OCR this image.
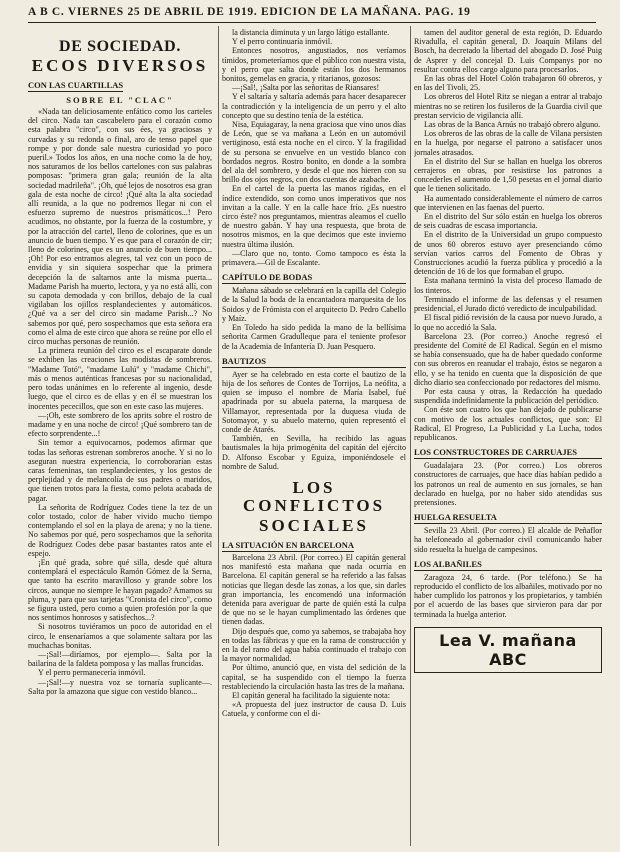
A B C. VIERNES 25 DE ABRIL DE 1919. EDICION DE LA MAÑANA. PAG. 19
DE SOCIEDAD.
ECOS DIVERSOS
CON LAS CUARTILLAS
SOBRE EL "CLAC"

«Nada tan deliciosamente enfático como los carteles del circo. Nada tan cascabelero para el corazón como esta palabra "circo", con sus ées, ya graciosas y curvadas y su redonda o final, aro de tenso papel que rompe y por donde sale nuestra curiosidad yo poco pueril.» Todos los años, en una noche como la de hoy, nos saturamos de los bellos cartelones con sus palabras pomposas: "primera gran gala; reunión de la alta sociedad madrileña". ¡Oh, qué lejos de nosotros esa gran gala de esta noche de circo! ¡Qué alta la alta sociedad allí reunida, a la que no podremos llegar ni con el esfuerzo supremo de nuestros prismáticos...! Pero acudimos, no obstante, por la fuerza de la costumbre, y por la atracción del cartel, lleno de colorines, que es un anuncio de buen tiempo. Y es que para el corazón de cir; lleno de colorines, que es un anuncio de buen tiempo... ¡Oh! Por eso entramos alegres, tal vez con un poco de envidia y sin siquiera sospechar que la primera decepción la de saltarnos ante la misma puerta... Madame Parish ha muerto, lectora, y ya no está allí, con su capota demodada y con brillos, debajo de la cual vigilaban los ojillos resplandecientes y automáticos. ¿Qué va a ser del circo sin madame Parish...? No sabemos por qué, pero sospechamos que esta señora era como el alma de este circo que ahora se reúne por ello el circo muchas personas de reunión.

La primera reunión del circo es el escaparate donde se exhiben las creaciones las modistas de sombreros. "Madame Totó", "madame Lulú" y "madame Chichi", más o menos auténticas francesas por su nacionalidad, pero todas unánimes en lo referente al ingenio, desde luego, que el circo es de ellas y en él se muestran los inocentes pececillos, que son en este caso las mujeres.

—¡Oh, este sombrero de los aprits sobre el rostro de madame y en una noche de circo! ¡Qué sombrero tan de efecto sorprendente...!

Sin temor a equivocarnos, podemos afirmar que todas las señoras estrenan sombreros anoche. Y si no lo aseguran nuestra experiencia, lo corroborarían estas caras femeninas, tan resplandecientes, y los gestos de perplejidad y de melancolía de sus padres o maridos, que tienen trotos para la fiesta, como pelota acabada de pagar.

La señorita de Rodríguez Codes tiene la tez de un color tostado, color de haber vivido mucho tiempo contemplando el sol en la playa de arena; y no la tiene. No sabemos por qué, pero sospechamos que la señorita de Rodríguez Codes debe pasar bastantes ratos ante el espejo.

¡En qué grada, sobre qué silla, desde qué altura contemplará el espectáculo Ramón Gómez de la Serna, que tanto ha escrito maravilloso y grande sobre los circos, aunque no siempre le hayan pagado? Amamos su pluma, y para que sus tarjetas "Cronista del circo", como se figura usted, pero como a quien profesión por la que nos sentimos honrosos y satisfechos...?

Si nosotros tuviéramos un poco de autoridad en el circo, le ensenaríamos a que solamente saltara por las muchachas bonitas.

—¡Sal!—diríamos, por ejemplo—. Salta por la bailarina de la faldeta pomposa y las mallas fruncidas.

Y el perro permanecería inmóvil.

—¡Sal!—y nuestra voz se tornaría suplicante—. Salta por la amazona que sigue con vestido blanco...

la distancia diminuta y un largo látigo estallante.

Y el perro continuaría inmóvil.

Entonces nosotros, angustiados, nos veríamos tímidos, prometeríamos que el público con nuestra vista, y el perro que salta donde están los dos hermanos bonitos, gemelas en gracia, y ritarianos, gozosos:

—¡Sal!, ¡Salta por las señoritas de Riansares!

Y el saltaría y saltaría además para hacer desaparecer la contradicción y la inteligencia de un perro y el alto concepto que su destino tenía de la estética.

Nisa, Equiagaray, la nena graciosa que vino unos días de León, que se va mañana a León en un automóvil vertiginoso, está esta noche en el circo. Y la fragilidad de su persona se envuelve en un vestido blanco con bordados negros. Rostro bonito, en donde a la sombra del ala del sombrero, y desde el que nos hieren con su brillo dos ojos negros, con dos cuentas de azabache.

En el cartel de la puerta las manos rígidas, en el índice extendido, son como unos imperativos que nos invitan a la calle. Y en la calle hace frío. ¿Es nuestro circo éste? nos preguntamos, mientras aleamos el cuello de nuestro gabán. Y hay una respuesta, que brota de nosotros mismos, en la que decimos que este invierno nuestra última ilusión.

—Claro que no, tonto. Como tampoco es ésta la primavera.—Gil de Escalante.

CAPÍTULO DE BODAS

Mañana sábado se celebrará en la capilla del Colegio de la Salud la boda de la encantadora marquesita de los Soidos y de Frómista con el arquitecto D. Pedro Cabello y Maíz.

En Toledo ha sido pedida la mano de la bellísima señorita Carmen Gradulleque para el teniente profesor de la Academia de Infantería D. Juan Pesquero.

BAUTIZOS

Ayer se ha celebrado en esta corte el bautizo de la hija de los señores de Contes de Torrijos, La neófita, a quien se impuso el nombre de María Isabel, fué apadrinada por su abuela paterna, la marquesa de Villamayor, representada por la duquesa viuda de Sotomayor, y su abuelo materno, quien representó el conde de Atarés.

También, en Sevilla, ha recibido las aguas bautismales la hija primogénita del capitán del ejército D. Alfonso Escobar y Eguiza, imponiéndosele el nombre de Salud.

LOS CONFLICTOS
SOCIALES
LA SITUACIÓN EN BARCELONA

Barcelona 23 Abril. (Por correo.) El capitán general nos manifestó esta mañana que nada ocurría en Barcelona. El capitán general se ha referido a las falsas noticias que llegan desde las zonas, a los que, sin darles gran importancia, les encomendó una información detenida para averiguar de parte de quién está la culpa de que no se le hayan cumplimentado las órdenes que tienen dadas.

Dijo después que, como ya sabemos, se trabajaba hoy en todas las fábricas y que en la rama de construcción y en la del ramo del agua había continuado el trabajo con la mayor normalidad.

Por último, anunció que, en vista del sedición de la capital, se ha suspendido con el tiempo la fuerza restableciendo la circulación hasta las tres de la mañana.

El capitán general ha facilitado la siguiente nota:

«A propuesta del juez instructor de causa D. Luis Catuela, y conforme con el di-

tamen del auditor general de esta región, D. Eduardo Rivadulla, el capitán general, D. Joaquín Milans del Bosch, ha decretado la libertad del abogado D. José Puig de Asprer y del concejal D. Luis Companys por no resultar contra ellos cargo alguno para procesarlos.

En las obras del Hotel Colón trabajaron 60 obreros, y en las del Tivoli, 25.

Los obreros del Hotel Ritz se niegan a entrar al trabajo mientras no se retiren los fusileros de la Guardia civil que prestan servicio de vigilancia allí.

Las obras de la Banca Arnús no trabajó obrero alguno.

Los obreros de las obras de la calle de Vilana persisten en la huelga, por negarse el patrono a satisfacer unos jornales atrasados.

En el distrito del Sur se hallan en huelga los obreros cerrajeros en obras, por resistirse los patronos a concederles el aumento de 1,50 pesetas en el jornal diario que le tienen solicitado.

Ha aumentado considerablemente el número de carros que intervienen en las faenas del puerto.

En el distrito del Sur sólo están en huelga los obreros de seis cuadras de escasa importancia.

En el distrito de la Universidad un grupo compuesto de unos 60 obreros estuvo ayer presenciando cómo servían varios carros del Fomento de Obras y Construcciones acudió la fuerza pública y procedió a la detención de 16 de los que formaban el grupo.

Esta mañana terminó la vista del proceso llamado de los tinteros.

Terminado el informe de las defensas y el resumen presidencial, el Jurado dictó veredicto de inculpabilidad.

El fiscal pidió revisión de la causa por nuevo Jurado, a lo que no accedió la Sala.

Barcelona 23. (Por correo.) Anoche regresó el presidente del Comité de El Radical. Según en el mismo se había consensuado, que ha de haber quedado conforme con sus obreros en reanudar el trabajo, éstos se negaron a ello, y se ha tenido en cuenta que la disposición de que dicho diario sea confeccionado por redactores del mismo.

Por esta causa y otras, la Redacción ha quedado suspendida indefinidamente la publicación del periódico.

Con éste son cuatro los que han dejado de publicarse con motivo de los actuales conflictos, que son: El Radical, El Progreso, La Publicidad y La Lucha, todos republicanos.

LOS CONSTRUCTORES DE CARRUAJES

Guadalajara 23. (Por correo.) Los obreros constructores de carruajes, que hace días habían pedido a los patronos un real de aumento en sus jornales, se han declarado en huelga, por no haber sido atendidas sus pretensiones.

HUELGA RESUELTA

Sevilla 23 Abril. (Por correo.) El alcalde de Peñaflor ha telefoneado al gobernador civil comunicando haber sido resuelta la huelga de campesinos.

LOS ALBAÑILES

Zaragoza 24, 6 tarde. (Por teléfono.) Se ha reproducido el conflicto de los albañiles, motivado por no haber cumplido los patronos y los propietarios, y también por el acuerdo de las bases que sirvieron para dar por terminada la huelga anterior.

Lea V. mañana ABC
